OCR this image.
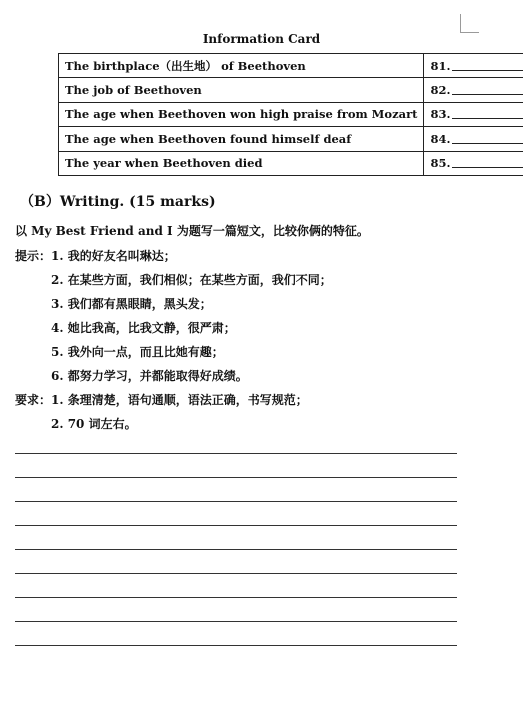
Information Card
The birthplace（出生地） of Beethoven	81.
The job of Beethoven	82.
The age when Beethoven won high praise from Mozart	83.
The age when Beethoven found himself deaf	84.
The year when Beethoven died	85.
（B）Writing. (15 marks)
以 My Best Friend and I 为题写一篇短文，比较你俩的特征。
提示： 1. 我的好友名叫琳达；
2. 在某些方面，我们相似；在某些方面，我们不同；
3. 我们都有黑眼睛，黑头发；
4. 她比我高，比我文静，很严肃；
5. 我外向一点，而且比她有趣；
6. 都努力学习，并都能取得好成绩。
要求： 1. 条理清楚，语句通顺，语法正确，书写规范；
2. 70 词左右。
